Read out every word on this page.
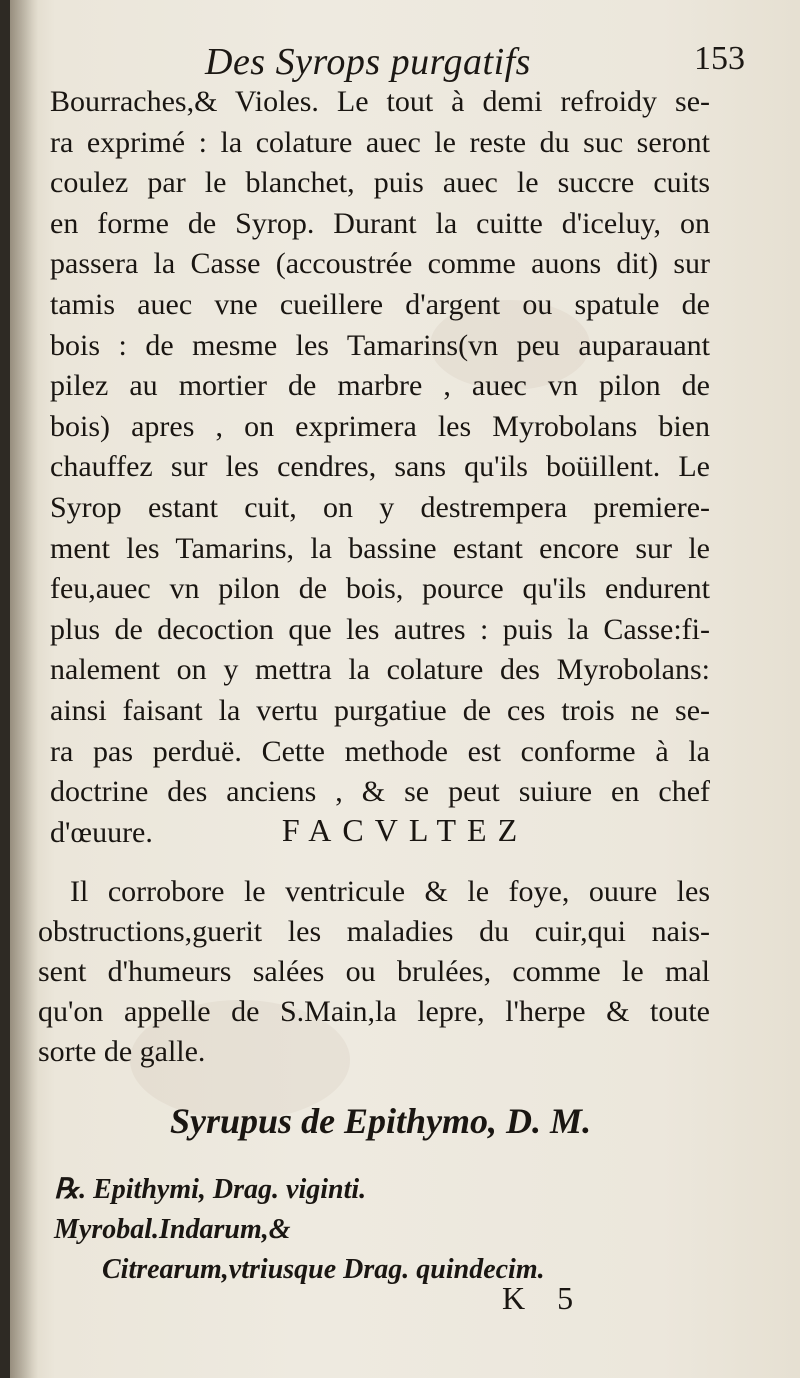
Des Syrops purgatifs	153
Bourraches,& Violes. Le tout à demi refroidy se-
ra exprimé : la colature auec le reste du suc seront
coulez par le blanchet, puis auec le succre cuits
en forme de Syrop. Durant la cuitte d'iceluy, on
passera la Casse (accoustrée comme auons dit) sur
tamis auec vne cueillere d'argent ou spatule de
bois : de mesme les Tamarins(vn peu auparauant
pilez au mortier de marbre , auec vn pilon de
bois) apres , on exprimera les Myrobolans bien
chauffez sur les cendres, sans qu'ils boüillent. Le
Syrop estant cuit, on y destrempera premiere-
ment les Tamarins, la bassine estant encore sur le
feu,auec vn pilon de bois, pource qu'ils endurent
plus de decoction que les autres : puis la Casse:fi-
nalement on y mettra la colature des Myrobolans:
ainsi faisant la vertu purgatiue de ces trois ne se-
ra pas perduë. Cette methode est conforme à la
doctrine des anciens , & se peut suiure en chef
d'œuure.	FACVLTEZ
Il corrobore le ventricule & le foye, ouure les
obstructions,guerit les maladies du cuir,qui nais-
sent d'humeurs salées ou brulées, comme le mal
qu'on appelle de S.Main,la lepre, l'herpe & toute
sorte de galle.
Syrupus de Epithymo, D. M.
℞. Epithymi, Drag. viginti.
Myrobal.Indarum,&
Citrearum,vtriusque Drag. quindecim.
K 5
